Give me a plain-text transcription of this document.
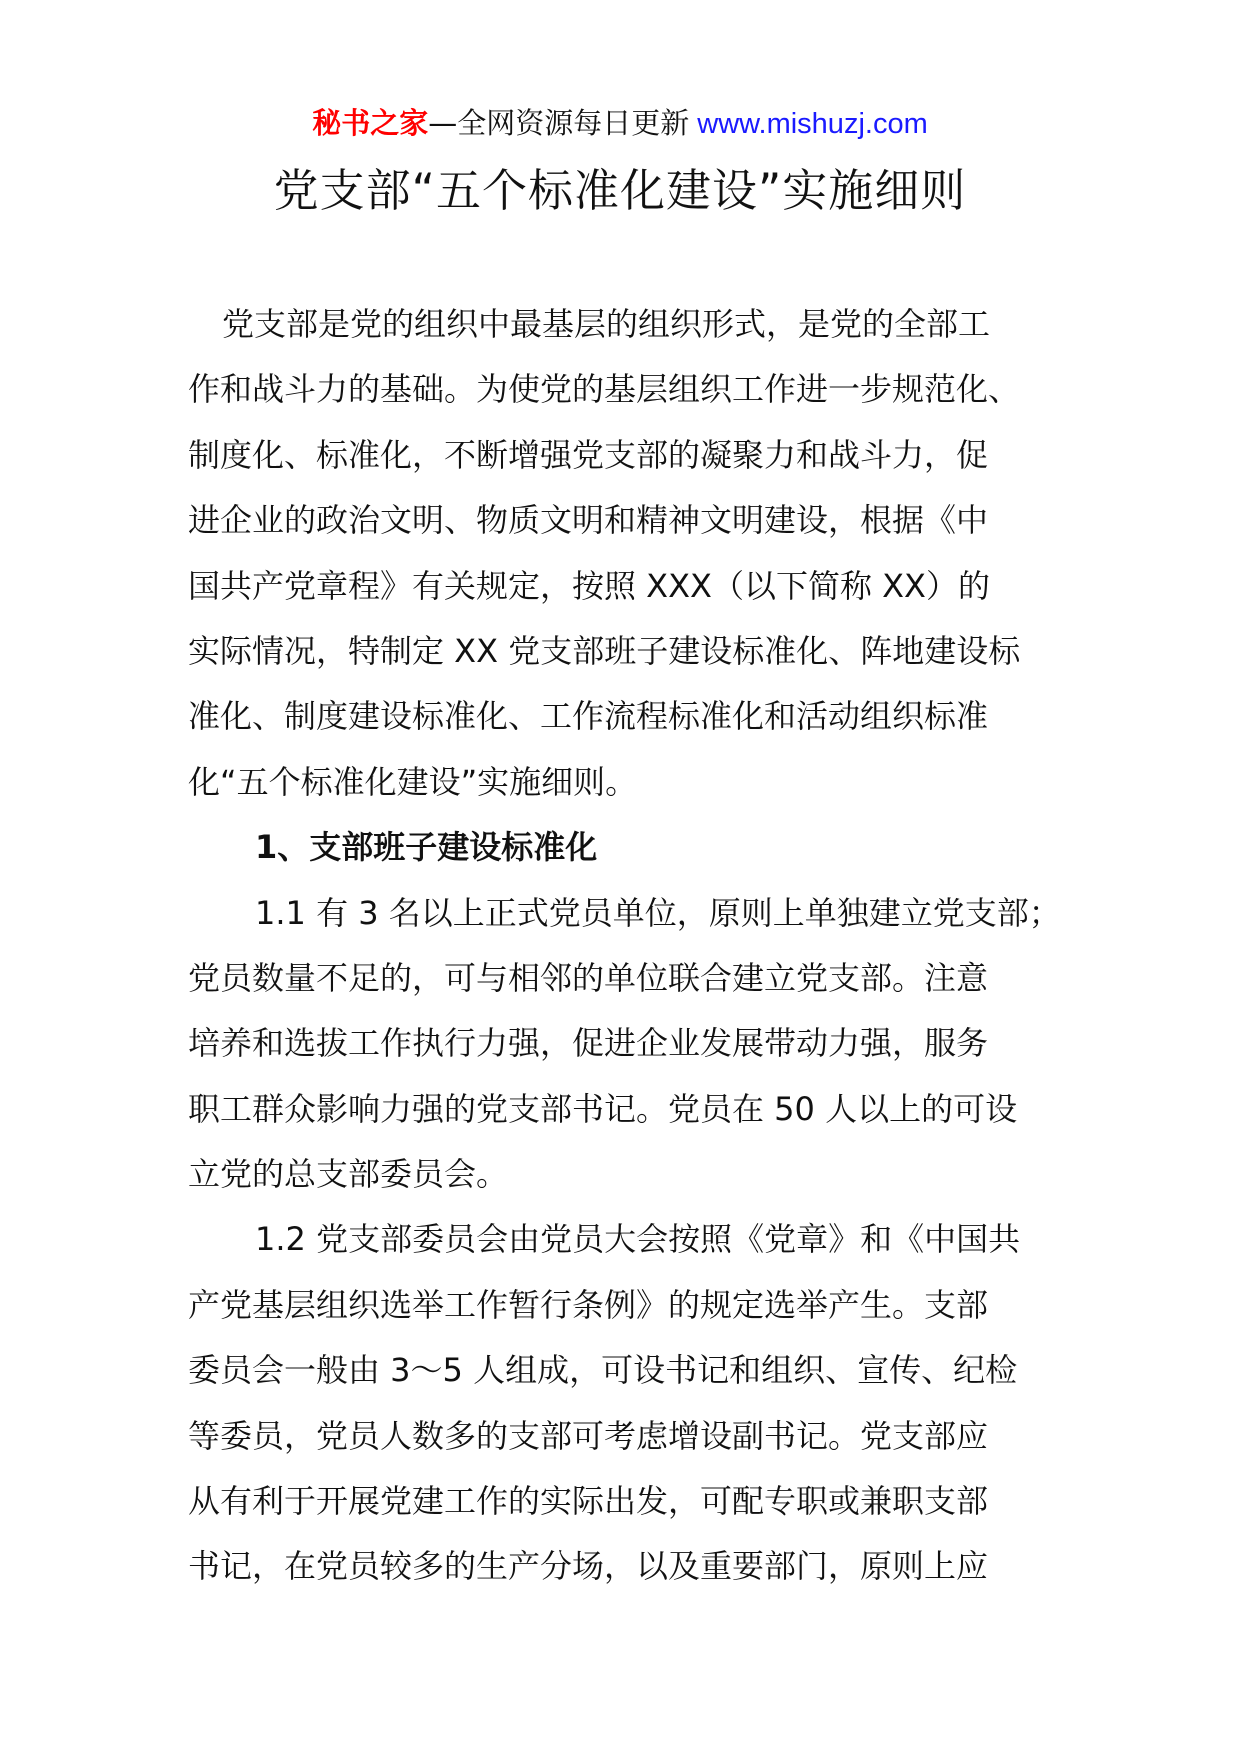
秘书之家—全网资源每日更新 www.mishuzj.com
党支部“五个标准化建设”实施细则
党支部是党的组织中最基层的组织形式，是党的全部工
作和战斗力的基础。为使党的基层组织工作进一步规范化、
制度化、标准化，不断增强党支部的凝聚力和战斗力，促
进企业的政治文明、物质文明和精神文明建设，根据《中
国共产党章程》有关规定，按照 XXX（以下简称 XX）的
实际情况，特制定 XX 党支部班子建设标准化、阵地建设标
准化、制度建设标准化、工作流程标准化和活动组织标准
化“五个标准化建设”实施细则。
1、支部班子建设标准化
1.1 有 3 名以上正式党员单位，原则上单独建立党支部；
党员数量不足的，可与相邻的单位联合建立党支部。注意
培养和选拔工作执行力强，促进企业发展带动力强，服务
职工群众影响力强的党支部书记。党员在 50 人以上的可设
立党的总支部委员会。
1.2 党支部委员会由党员大会按照《党章》和《中国共
产党基层组织选举工作暂行条例》的规定选举产生。支部
委员会一般由 3～5 人组成，可设书记和组织、宣传、纪检
等委员，党员人数多的支部可考虑增设副书记。党支部应
从有利于开展党建工作的实际出发，可配专职或兼职支部
书记，在党员较多的生产分场，以及重要部门，原则上应
